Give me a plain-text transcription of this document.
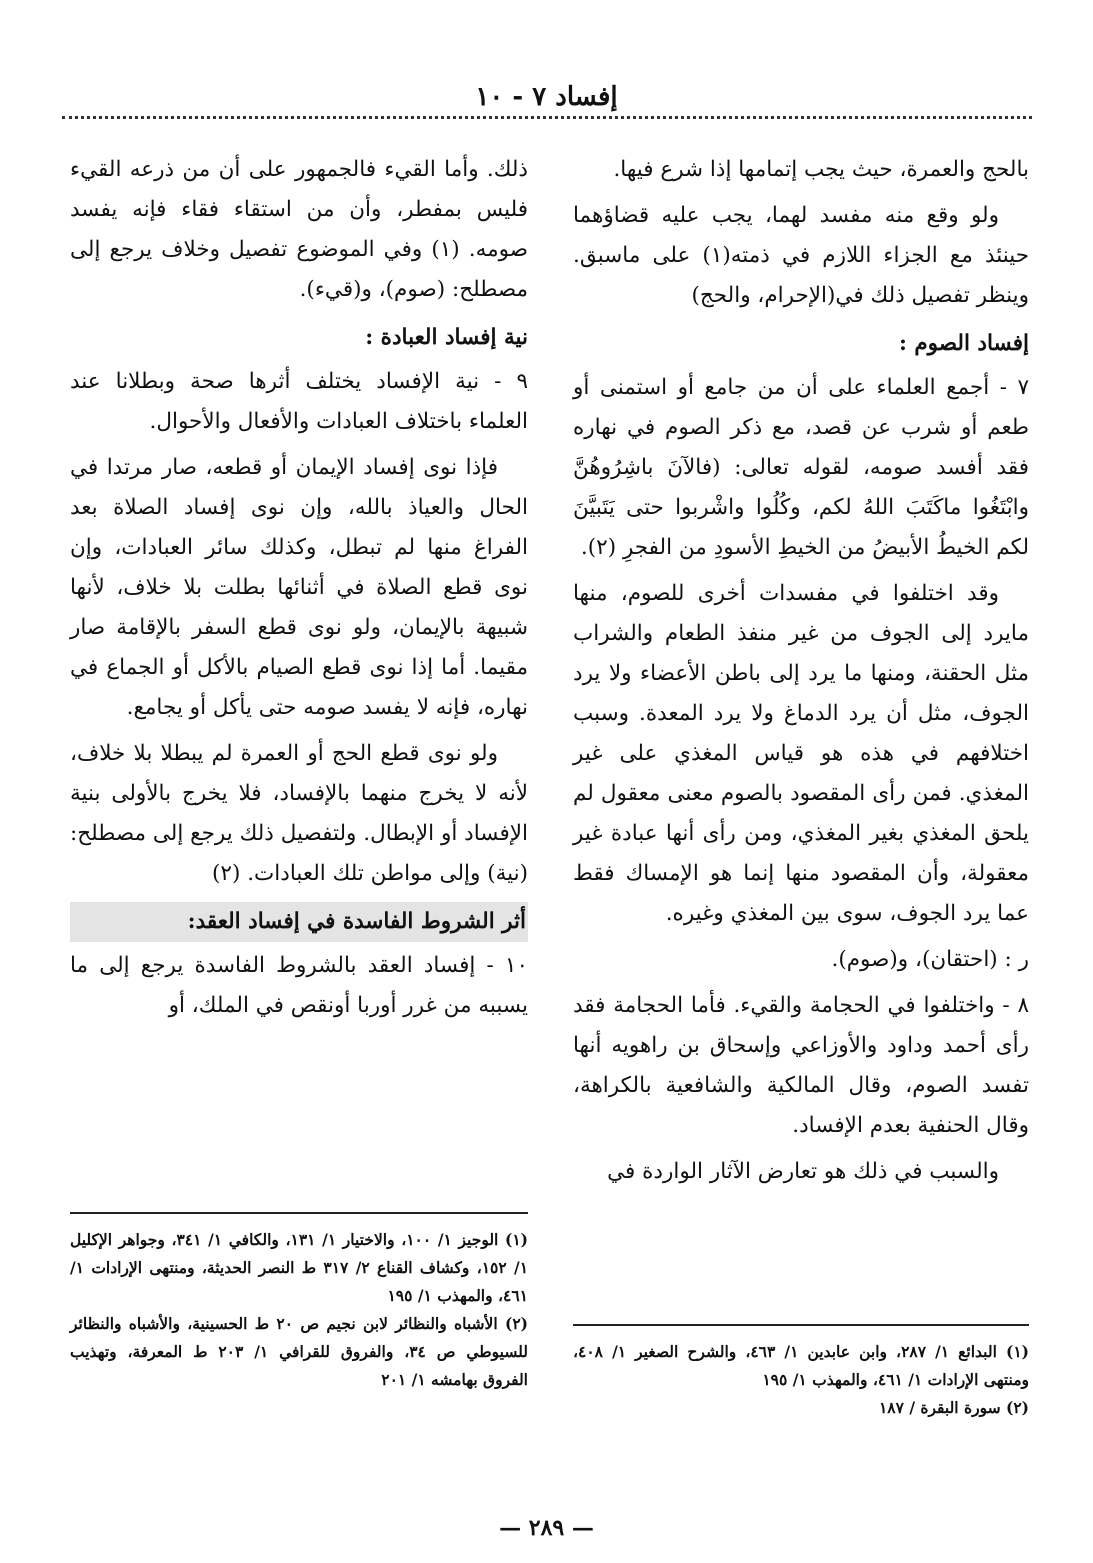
إفساد ٧ - ١٠

بالحج والعمرة، حيث يجب إتمامها إذا شرع فيها.

ولو وقع منه مفسد لهما، يجب عليه قضاؤهما حينئذ مع الجزاء اللازم في ذمته(١) على ماسبق. وينظر تفصيل ذلك في(الإحرام، والحج)

إفساد الصوم :

٧ - أجمع العلماء على أن من جامع أو استمنى أو طعم أو شرب عن قصد، مع ذكر الصوم في نهاره فقد أفسد صومه، لقوله تعالى: (فالآنَ باشِرُوهُنَّ وابْتَغُوا ماكَتَبَ اللهُ لكم، وكُلُوا واشْربوا حتى يَتَبيَّنَ لكم الخيطُ الأبيضُ من الخيطِ الأسودِ من الفجرِ (٢).

وقد اختلفوا في مفسدات أخرى للصوم، منها مايرد إلى الجوف من غير منفذ الطعام والشراب مثل الحقنة، ومنها ما يرد إلى باطن الأعضاء ولا يرد الجوف، مثل أن يرد الدماغ ولا يرد المعدة. وسبب اختلافهم في هذه هو قياس المغذي على غير المغذي. فمن رأى المقصود بالصوم معنى معقول لم يلحق المغذي بغير المغذي، ومن رأى أنها عبادة غير معقولة، وأن المقصود منها إنما هو الإمساك فقط عما يرد الجوف، سوى بين المغذي وغيره.

ر : (احتقان)، و(صوم).

٨ - واختلفوا في الحجامة والقيء. فأما الحجامة فقد رأى أحمد وداود والأوزاعي وإسحاق بن راهويه أنها تفسد الصوم، وقال المالكية والشافعية بالكراهة، وقال الحنفية بعدم الإفساد.

والسبب في ذلك هو تعارض الآثار الواردة في

ذلك. وأما القيء فالجمهور على أن من ذرعه القيء فليس بمفطر، وأن من استقاء فقاء فإنه يفسد صومه. (١) وفي الموضوع تفصيل وخلاف يرجع إلى مصطلح: (صوم)، و(قيء).

نية إفساد العبادة :

٩ - نية الإفساد يختلف أثرها صحة وبطلانا عند العلماء باختلاف العبادات والأفعال والأحوال.

فإذا نوى إفساد الإيمان أو قطعه، صار مرتدا في الحال والعياذ بالله، وإن نوى إفساد الصلاة بعد الفراغ منها لم تبطل، وكذلك سائر العبادات، وإن نوى قطع الصلاة في أثنائها بطلت بلا خلاف، لأنها شبيهة بالإيمان، ولو نوى قطع السفر بالإقامة صار مقيما. أما إذا نوى قطع الصيام بالأكل أو الجماع في نهاره، فإنه لا يفسد صومه حتى يأكل أو يجامع.

ولو نوى قطع الحج أو العمرة لم يبطلا بلا خلاف، لأنه لا يخرج منهما بالإفساد، فلا يخرج بالأولى بنية الإفساد أو الإبطال. ولتفصيل ذلك يرجع إلى مصطلح: (نية) وإلى مواطن تلك العبادات. (٢)

أثر الشروط الفاسدة في إفساد العقد:

١٠ - إفساد العقد بالشروط الفاسدة يرجع إلى ما يسببه من غرر أوربا أونقص في الملك، أو

(١) الوجيز ١/ ١٠٠، والاختيار ١/ ١٣١، والكافي ١/ ٣٤١، وجواهر الإكليل ١/ ١٥٢، وكشاف القناع ٢/ ٣١٧ ط النصر الحديثة، ومنتهى الإرادات ١/ ٤٦١، والمهذب ١/ ١٩٥
(٢) الأشباه والنظائر لابن نجيم ص ٢٠ ط الحسينية، والأشباه والنظائر للسيوطي ص ٣٤، والفروق للقرافي ١/ ٢٠٣ ط المعرفة، وتهذيب الفروق بهامشه ١/ ٢٠١
(١) البدائع ١/ ٢٨٧، وابن عابدين ١/ ٤٦٣، والشرح الصغير ١/ ٤٠٨، ومنتهى الإرادات ١/ ٤٦١، والمهذب ١/ ١٩٥
(٢) سورة البقرة / ١٨٧
— ٢٨٩ —
